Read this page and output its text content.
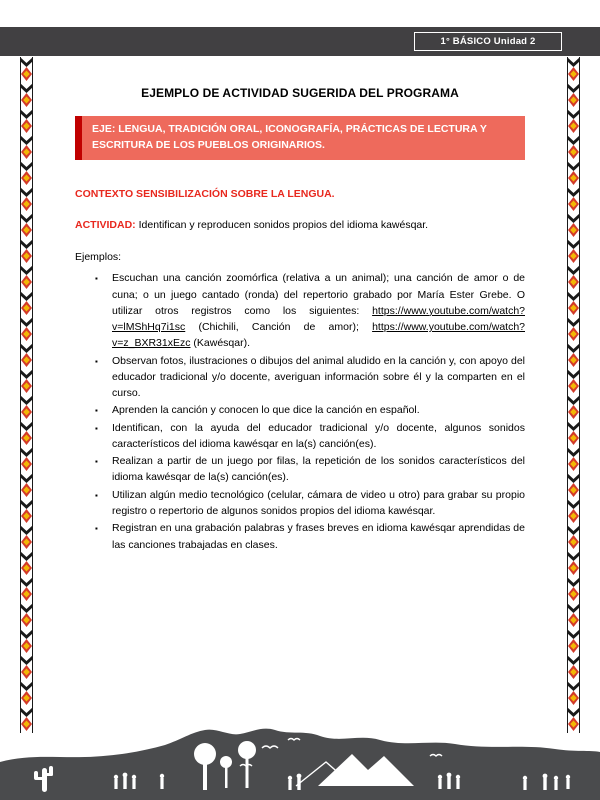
1° BÁSICO Unidad 2
EJEMPLO DE ACTIVIDAD SUGERIDA DEL PROGRAMA
EJE: LENGUA, TRADICIÓN ORAL, ICONOGRAFÍA, PRÁCTICAS DE LECTURA Y ESCRITURA DE LOS PUEBLOS ORIGINARIOS.
CONTEXTO SENSIBILIZACIÓN SOBRE LA LENGUA.
ACTIVIDAD: Identifican y reproducen sonidos propios del idioma kawésqar.
Ejemplos:
▪ Escuchan una canción zoomórfica (relativa a un animal); una canción de amor o de cuna; o un juego cantado (ronda) del repertorio grabado por María Ester Grebe. O utilizar otros registros como los siguientes: https://www.youtube.com/watch?v=lMShHq7i1sc (Chichili, Canción de amor); https://www.youtube.com/watch?v=z_BXR31xEzc (Kawésqar).
▪ Observan fotos, ilustraciones o dibujos del animal aludido en la canción y, con apoyo del educador tradicional y/o docente, averiguan información sobre él y la comparten en el curso.
▪ Aprenden la canción y conocen lo que dice la canción en español.
▪ Identifican, con la ayuda del educador tradicional y/o docente, algunos sonidos característicos del idioma kawésqar en la(s) canción(es).
▪ Realizan a partir de un juego por filas, la repetición de los sonidos característicos del idioma kawésqar de la(s) canción(es).
▪ Utilizan algún medio tecnológico (celular, cámara de video u otro) para grabar su propio registro o repertorio de algunos sonidos propios del idioma kawésqar.
▪ Registran en una grabación palabras y frases breves en idioma kawésqar aprendidas de las canciones trabajadas en clases.
